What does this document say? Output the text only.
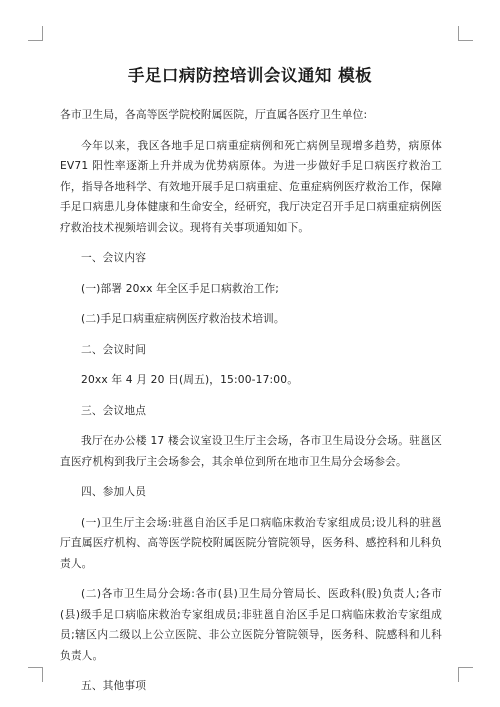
手足口病防控培训会议通知 模板

各市卫生局，各高等医学院校附属医院，厅直属各医疗卫生单位:

今年以来，我区各地手足口病重症病例和死亡病例呈现增多趋势，病原体 EV71 阳性率逐渐上升并成为优势病原体。为进一步做好手足口病医疗救治工作，指导各地科学、有效地开展手足口病重症、危重症病例医疗救治工作，保障手足口病患儿身体健康和生命安全，经研究，我厅决定召开手足口病重症病例医疗救治技术视频培训会议。现将有关事项通知如下。

一、会议内容

(一)部署 20xx 年全区手足口病救治工作;

(二)手足口病重症病例医疗救治技术培训。

二、会议时间

20xx 年 4 月 20 日(周五)，15:00-17:00。

三、会议地点

我厅在办公楼 17 楼会议室设卫生厅主会场，各市卫生局设分会场。驻邕区直医疗机构到我厅主会场参会，其余单位到所在地市卫生局分会场参会。

四、参加人员

(一)卫生厅主会场:驻邕自治区手足口病临床救治专家组成员;设儿科的驻邕厅直属医疗机构、高等医学院校附属医院分管院领导，医务科、感控科和儿科负责人。

(二)各市卫生局分会场:各市(县)卫生局分管局长、医政科(股)负责人;各市(县)级手足口病临床救治专家组成员;非驻邕自治区手足口病临床救治专家组成员;辖区内二级以上公立医院、非公立医院分管院领导，医务科、院感科和儿科负责人。

五、其他事项
